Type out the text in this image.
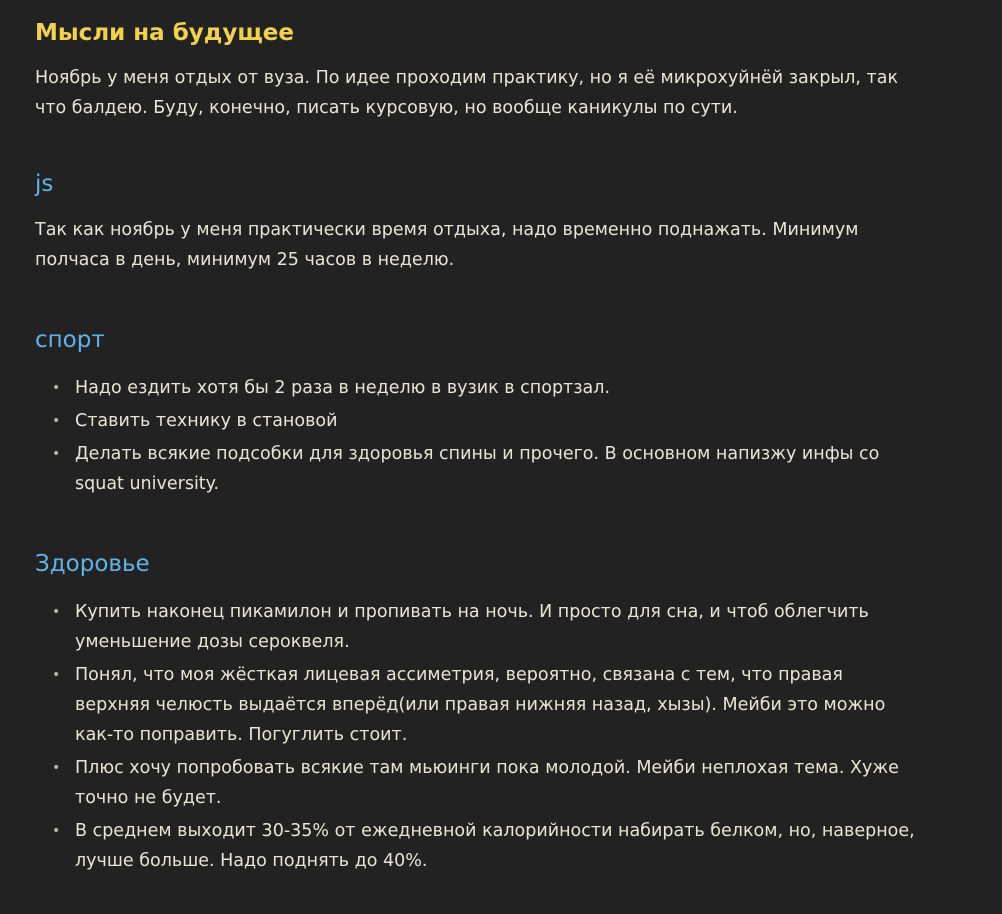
Мысли на будущее

Ноябрь у меня отдых от вуза. По идее проходим практику, но я её микрохуйнёй закрыл, так что балдею. Буду, конечно, писать курсовую, но вообще каникулы по сути.

js

Так как ноябрь у меня практически время отдыха, надо временно поднажать. Минимум полчаса в день, минимум 25 часов в неделю.

спорт
• Надо ездить хотя бы 2 раза в неделю в вузик в спортзал.
• Ставить технику в становой
• Делать всякие подсобки для здоровья спины и прочего. В основном напизжу инфы со squat university.
Здоровье
• Купить наконец пикамилон и пропивать на ночь. И просто для сна, и чтоб облегчить уменьшение дозы сероквеля.
• Понял, что моя жёсткая лицевая ассиметрия, вероятно, связана с тем, что правая верхняя челюсть выдаётся вперёд(или правая нижняя назад, хызы). Мейби это можно как-то поправить. Погуглить стоит.
• Плюс хочу попробовать всякие там мьюинги пока молодой. Мейби неплохая тема. Хуже точно не будет.
• В среднем выходит 30-35% от ежедневной калорийности набирать белком, но, наверное, лучше больше. Надо поднять до 40%.
